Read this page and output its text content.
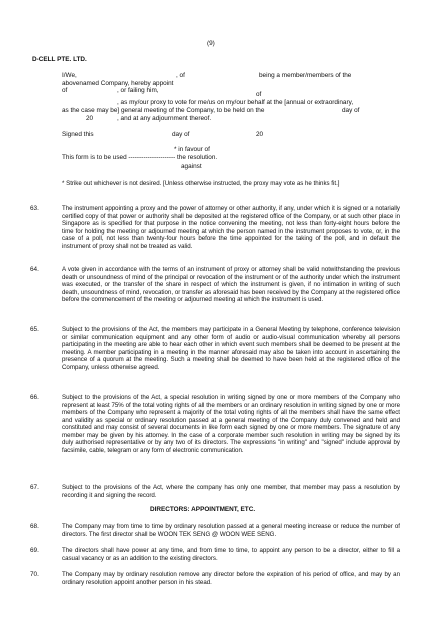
(9)
D-CELL PTE. LTD.
I/We,	, of	being a member/members of the
abovenamed Company, hereby appoint
of	, or failing him,
of
, as my/our proxy to vote for me/us on my/our behalf at the [annual or extraordinary,
as the case may be] general meeting of the Company, to be held on the	day of
20	, and at any adjournment thereof.
Signed this	day of	20
* in favour of
This form is to be used ---------------------- the resolution.
against
* Strike out whichever is not desired. [Unless otherwise instructed, the proxy may vote as he thinks fit.]
63.	The instrument appointing a proxy and the power of attorney or other authority, if any, under which it is signed or a notarially certified copy of that power or authority shall be deposited at the registered office of the Company, or at such other place in Singapore as is specified for that purpose in the notice convening the meeting, not less than forty-eight hours before the time for holding the meeting or adjourned meeting at which the person named in the instrument proposes to vote, or, in the case of a poll, not less than twenty-four hours before the time appointed for the taking of the poll, and in default the instrument of proxy shall not be treated as valid.
64.	A vote given in accordance with the terms of an instrument of proxy or attorney shall be valid notwithstanding the previous death or unsoundness of mind of the principal or revocation of the instrument or of the authority under which the instrument was executed, or the transfer of the share in respect of which the instrument is given, if no intimation in writing of such death, unsoundness of mind, revocation, or transfer as aforesaid has been received by the Company at the registered office before the commencement of the meeting or adjourned meeting at which the instrument is used.
65.	Subject to the provisions of the Act, the members may participate in a General Meeting by telephone, conference television or similar communication equipment and any other form of audio or audio-visual communication whereby all persons participating in the meeting are able to hear each other in which event such members shall be deemed to be present at the meeting. A member participating in a meeting in the manner aforesaid may also be taken into account in ascertaining the presence of a quorum at the meeting. Such a meeting shall be deemed to have been held at the registered office of the Company, unless otherwise agreed.
66.	Subject to the provisions of the Act, a special resolution in writing signed by one or more members of the Company who represent at least 75% of the total voting rights of all the members or an ordinary resolution in writing signed by one or more members of the Company who represent a majority of the total voting rights of all the members shall have the same effect and validity as special or ordinary resolution passed at a general meeting of the Company duly convened and held and constituted and may consist of several documents in like form each signed by one or more members. The signature of any member may be given by his attorney. In the case of a corporate member such resolution in writing may be signed by its duly authorised representative or by any two of its directors. The expressions "in writing" and "signed" include approval by facsimile, cable, telegram or any form of electronic communication.
67.	Subject to the provisions of the Act, where the company has only one member, that member may pass a resolution by recording it and signing the record.
DIRECTORS: APPOINTMENT, ETC.
68.	The Company may from time to time by ordinary resolution passed at a general meeting increase or reduce the number of directors. The first director shall be WOON TEK SENG @ WOON WEE SENG.
69.	The directors shall have power at any time, and from time to time, to appoint any person to be a director, either to fill a casual vacancy or as an addition to the existing directors.
70.	The Company may by ordinary resolution remove any director before the expiration of his period of office, and may by an ordinary resolution appoint another person in his stead.
